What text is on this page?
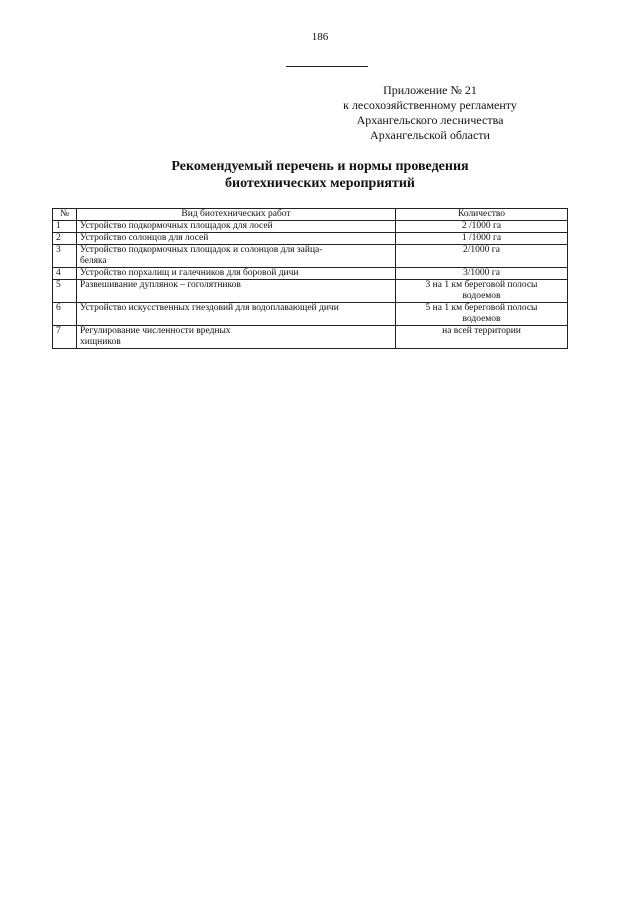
186
Приложение № 21
к лесохозяйственному регламенту
Архангельского лесничества
Архангельской области
Рекомендуемый перечень и нормы проведения
биотехнических мероприятий
№	Вид биотехнических работ	Количество
1	Устройство подкормочных площадок для лосей	2 /1000 га

2	Устройство солонцов для лосей	1 /1000 га

3	Устройство подкормочных площадок и солонцов для зайца-
беляка	2/1000 га

4	Устройство порхалищ и галечников для боровой дичи	3/1000 га

5	Развешивание дуплянок – гоголятников	3 на 1 км береговой полосы
водоемов

6	Устройство искусственных гнездовий для водоплавающей дичи	5 на 1 км береговой полосы
водоемов

7	Регулирование численности вредных
хищников	на всей территории
